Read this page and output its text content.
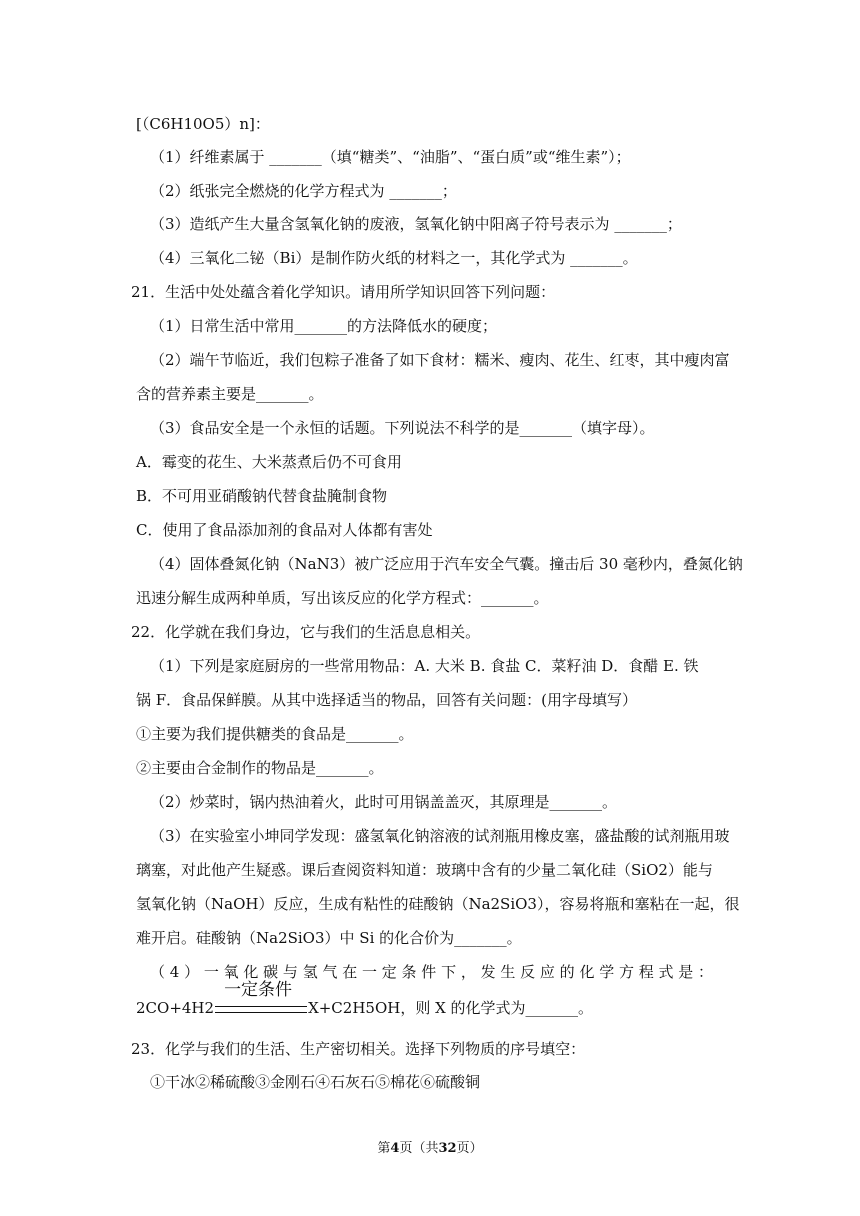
[（C6H10O5）n]：
（1）纤维素属于 _______（填“糖类”、“油脂”、“蛋白质”或“维生素”）；
（2）纸张完全燃烧的化学方程式为 _______；
（3）造纸产生大量含氢氧化钠的废液，氢氧化钠中阳离子符号表示为 _______；
（4）三氧化二铋（Bi）是制作防火纸的材料之一，其化学式为 _______。
21．生活中处处蕴含着化学知识。请用所学知识回答下列问题：
（1）日常生活中常用_______的方法降低水的硬度；
（2）端午节临近，我们包粽子准备了如下食材：糯米、瘦肉、花生、红枣，其中瘦肉富
含的营养素主要是_______。
（3）食品安全是一个永恒的话题。下列说法不科学的是_______（填字母）。
A．霉变的花生、大米蒸煮后仍不可食用
B．不可用亚硝酸钠代替食盐腌制食物
C．使用了食品添加剂的食品对人体都有害处
（4）固体叠氮化钠（NaN3）被广泛应用于汽车安全气囊。撞击后 30 毫秒内，叠氮化钠
迅速分解生成两种单质，写出该反应的化学方程式：_______。
22．化学就在我们身边，它与我们的生活息息相关。
（1）下列是家庭厨房的一些常用物品：A. 大米 B. 食盐 C．菜籽油 D．食醋 E. 铁
锅 F．食品保鲜膜。从其中选择适当的物品，回答有关问题：(用字母填写）
①主要为我们提供糖类的食品是_______。
②主要由合金制作的物品是_______。
（2）炒菜时，锅内热油着火，此时可用锅盖盖灭，其原理是_______。
（3）在实验室小坤同学发现：盛氢氧化钠溶液的试剂瓶用橡皮塞，盛盐酸的试剂瓶用玻
璃塞，对此他产生疑惑。课后查阅资料知道：玻璃中含有的少量二氧化硅（SiO2）能与
氢氧化钠（NaOH）反应，生成有粘性的硅酸钠（Na2SiO3），容易将瓶和塞粘在一起，很
难开启。硅酸钠（Na2SiO3）中 Si 的化合价为_______。
（ 4 ） 一 氧 化 碳 与 氢 气 在 一 定 条 件 下 ， 发 生 反 应 的 化 学 方 程 式 是 ：
2CO+4H2
一定条件
X+C2H5OH，则 X 的化学式为_______。
23．化学与我们的生活、生产密切相关。选择下列物质的序号填空：
①干冰②稀硫酸③金刚石④石灰石⑤棉花⑥硫酸铜
第4页（共32页）
